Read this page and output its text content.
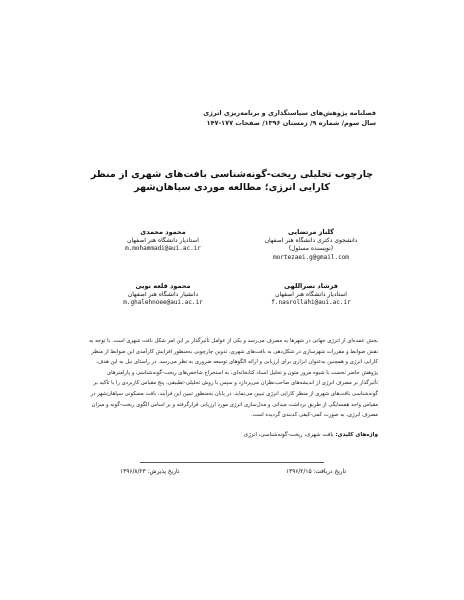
فصلنامه پژوهش‌های سیاستگذاری و برنامه‌ریزی انرژی
سال سوم/ شماره ۹/ زمستان ۱۳۹۶/ صفحات ۱۷۷-۱۴۷
چارچوب تحلیلی ریخت-گونه‌شناسی بافت‌های شهری از منظر
کارایی انرژی؛ مطالعه موردی سپاهان‌شهر
گلناز مرتضایی
دانشجوی دکتری دانشگاه هنر اصفهان
(نویسنده مسئول)
mortezaei.g@gmail.com
محمود محمدی
استادیار دانشگاه هنر اصفهان
m.mohammadi@aui.ac.ir
فرشاد نصراللهی
استادیار دانشگاه هنر اصفهان
f.nasrollahi@aui.ac.ir
محمود قلعه نویی
دانشیار دانشگاه هنر اصفهان
m.ghalehnoee@aui.ac.ir
بخش عمده‌ای از انرژی جهانی در شهرها به مصرف می‌رسد و یکی از عوامل تأثیرگذار بر این امر شکل بافت شهری است. با توجه به
نقش ضوابط و مقررات شهرسازی در شکل‌دهی به بافت‌های شهری، تدوین چارچوبی به‌منظور افزایش کارآمدی این ضوابط از منظر
کارایی انرژی و همچنین به‌عنوان ابزاری برای ارزیابی و ارائه الگوهای توسعه ضروری به نظر می‌رسد. در راستای نیل به این هدف،
پژوهش حاضر نخست با شیوه مرور متون و تحلیل اسناد کتابخانه‌ای، به استخراج شاخص‌های ریخت-گونه‌شناسی و پارامترهای
تأثیرگذار بر مصرف انرژی از اندیشه‌های صاحب‌نظران می‌پردازد و سپس با روش تحلیلی-تطبیقی، پنج مقیاس کاربردی را با تأکید بر
گونه‌شناسی بافت‌های شهری از منظر کارایی انرژی تبیین می‌نماید. در پایان به‌منظور تبیین این فرآیند، بافت مسکونی سپاهان‌شهر در
مقیاس واحد همسایگی از طریق برداشت میدانی و مدل‌سازی انرژی مورد ارزیابی قرارگرفته و بر اساس الگوی ریخت-گونه و میزان
مصرف انرژی، به صورت کمی-کیفی کدبندی گردیده است.
واژه‌های کلیدی: بافت شهری، ریخت-گونه‌شناسی، انرژی
تاریخ دریافت: ۱۳۹۶/۲/۱۵
تاریخ پذیرش: ۱۳۹۶/۸/۲۳
